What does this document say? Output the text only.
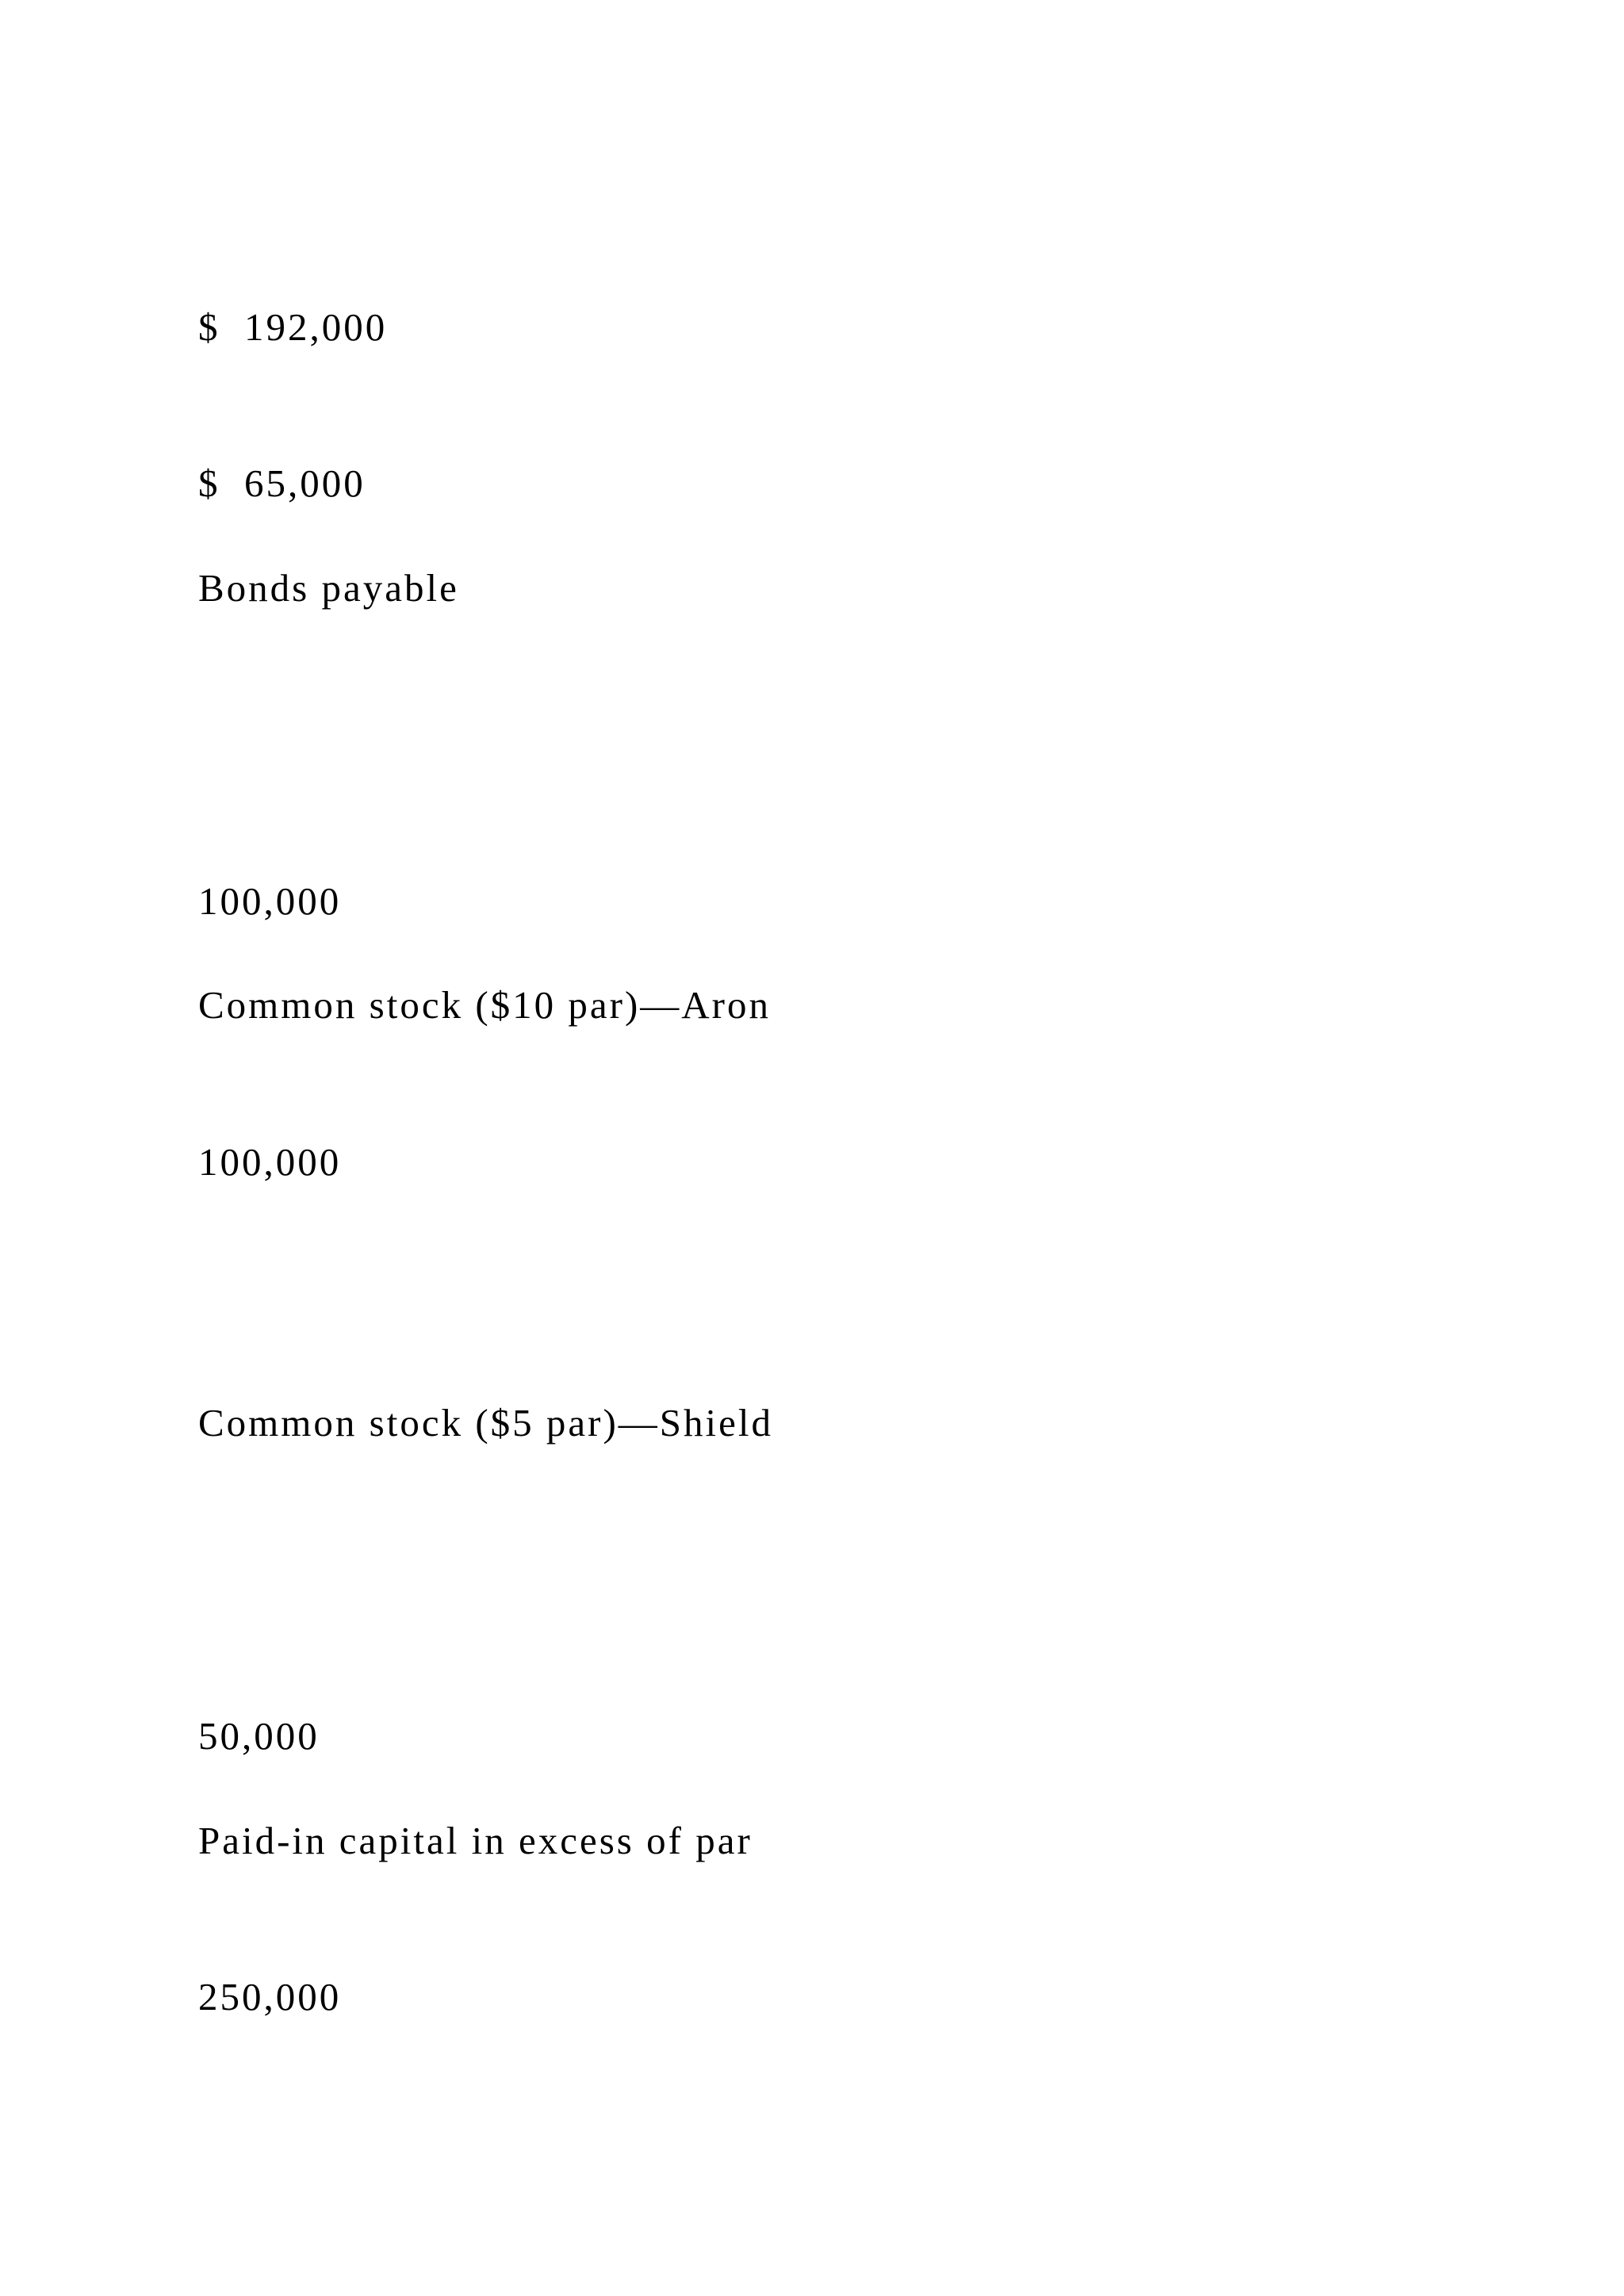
$  192,000

$  65,000

Bonds payable

100,000

Common stock ($10 par)—Aron

100,000

Common stock ($5 par)—Shield

50,000

Paid-in capital in excess of par

250,000
